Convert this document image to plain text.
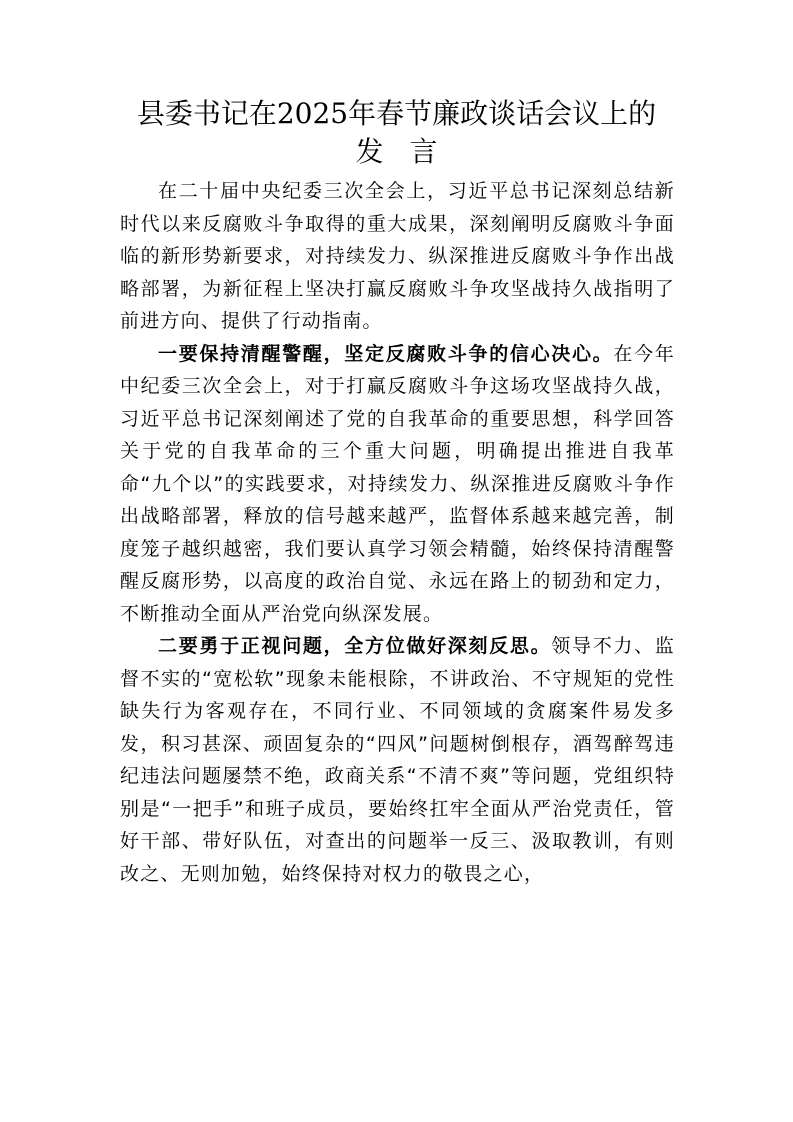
县委书记在2025年春节廉政谈话会议上的
发言

在二十届中央纪委三次全会上，习近平总书记深刻总结新时代以来反腐败斗争取得的重大成果，深刻阐明反腐败斗争面临的新形势新要求，对持续发力、纵深推进反腐败斗争作出战略部署，为新征程上坚决打赢反腐败斗争攻坚战持久战指明了前进方向、提供了行动指南。

一要保持清醒警醒，坚定反腐败斗争的信心决心。在今年中纪委三次全会上，对于打赢反腐败斗争这场攻坚战持久战，习近平总书记深刻阐述了党的自我革命的重要思想，科学回答关于党的自我革命的三个重大问题，明确提出推进自我革命“九个以”的实践要求，对持续发力、纵深推进反腐败斗争作出战略部署，释放的信号越来越严，监督体系越来越完善，制度笼子越织越密，我们要认真学习领会精髓，始终保持清醒警醒反腐形势，以高度的政治自觉、永远在路上的韧劲和定力，不断推动全面从严治党向纵深发展。

二要勇于正视问题，全方位做好深刻反思。领导不力、监督不实的“宽松软”现象未能根除，不讲政治、不守规矩的党性缺失行为客观存在，不同行业、不同领域的贪腐案件易发多发，积习甚深、顽固复杂的“四风”问题树倒根存，酒驾醉驾违纪违法问题屡禁不绝，政商关系“不清不爽”等问题，党组织特别是“一把手”和班子成员，要始终扛牢全面从严治党责任，管好干部、带好队伍，对查出的问题举一反三、汲取教训，有则改之、无则加勉，始终保持对权力的敬畏之心，
